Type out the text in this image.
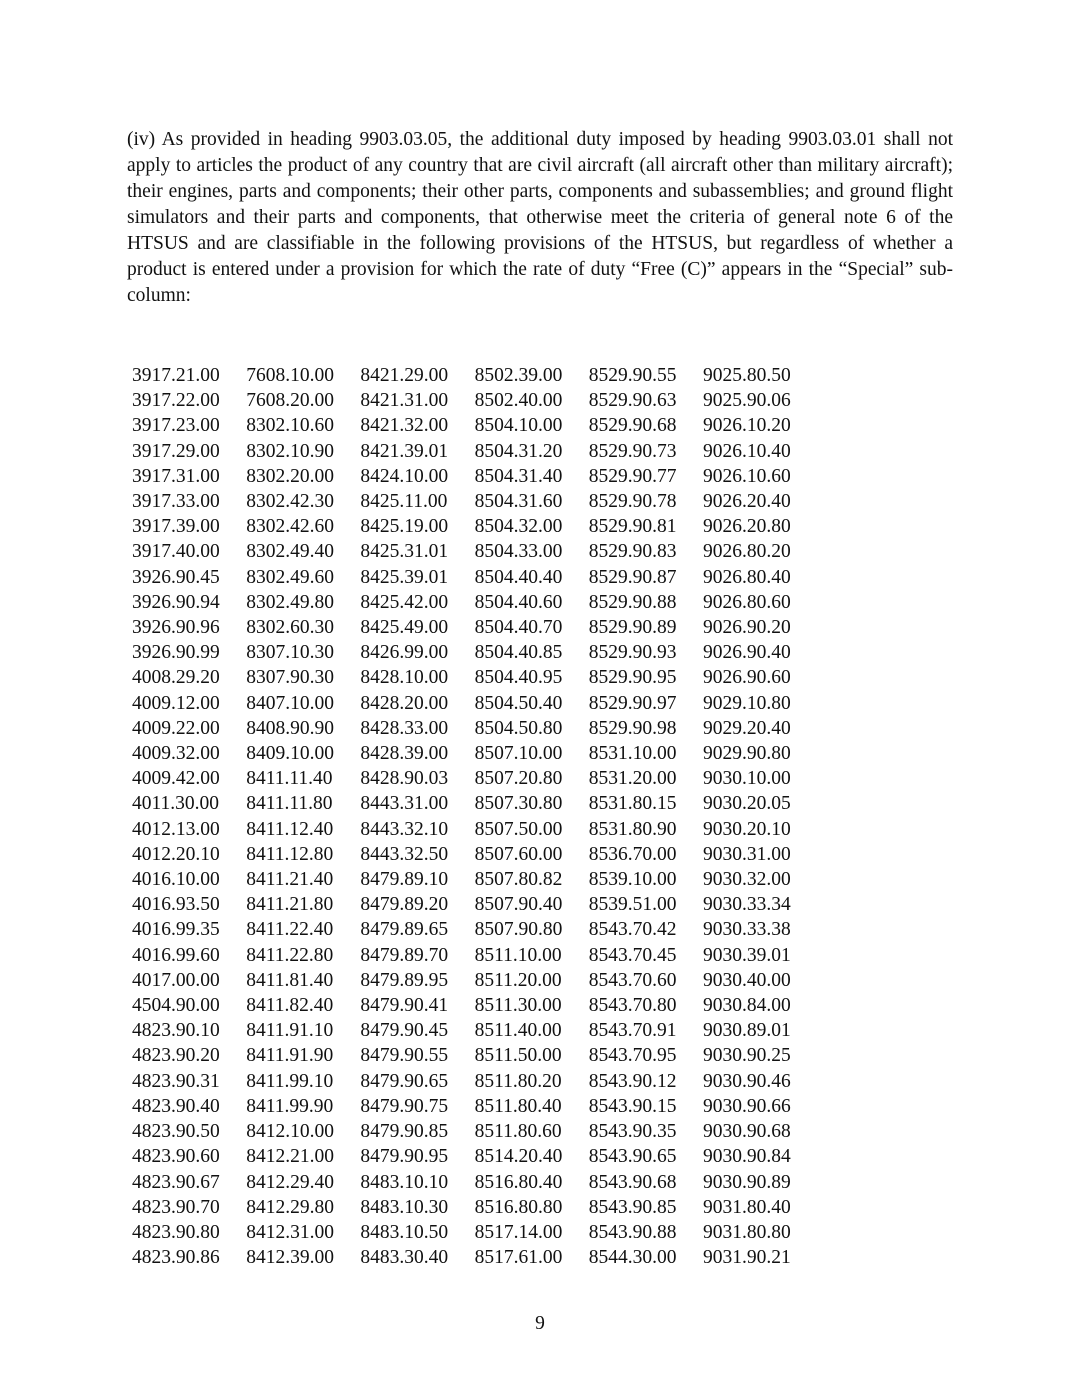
(iv) As provided in heading 9903.03.05, the additional duty imposed by heading 9903.03.01 shall not apply to articles the product of any country that are civil aircraft (all aircraft other than military aircraft); their engines, parts and components; their other parts, components and subassemblies; and ground flight simulators and their parts and components, that otherwise meet the criteria of general note 6 of the HTSUS and are classifiable in the following provisions of the HTSUS, but regardless of whether a product is entered under a provision for which the rate of duty “Free (C)” appears in the “Special” sub-column:

3917.21.00	7608.10.00	8421.29.00	8502.39.00	8529.90.55	9025.80.50
3917.22.00	7608.20.00	8421.31.00	8502.40.00	8529.90.63	9025.90.06
3917.23.00	8302.10.60	8421.32.00	8504.10.00	8529.90.68	9026.10.20
3917.29.00	8302.10.90	8421.39.01	8504.31.20	8529.90.73	9026.10.40
3917.31.00	8302.20.00	8424.10.00	8504.31.40	8529.90.77	9026.10.60
3917.33.00	8302.42.30	8425.11.00	8504.31.60	8529.90.78	9026.20.40
3917.39.00	8302.42.60	8425.19.00	8504.32.00	8529.90.81	9026.20.80
3917.40.00	8302.49.40	8425.31.01	8504.33.00	8529.90.83	9026.80.20
3926.90.45	8302.49.60	8425.39.01	8504.40.40	8529.90.87	9026.80.40
3926.90.94	8302.49.80	8425.42.00	8504.40.60	8529.90.88	9026.80.60
3926.90.96	8302.60.30	8425.49.00	8504.40.70	8529.90.89	9026.90.20
3926.90.99	8307.10.30	8426.99.00	8504.40.85	8529.90.93	9026.90.40
4008.29.20	8307.90.30	8428.10.00	8504.40.95	8529.90.95	9026.90.60
4009.12.00	8407.10.00	8428.20.00	8504.50.40	8529.90.97	9029.10.80
4009.22.00	8408.90.90	8428.33.00	8504.50.80	8529.90.98	9029.20.40
4009.32.00	8409.10.00	8428.39.00	8507.10.00	8531.10.00	9029.90.80
4009.42.00	8411.11.40	8428.90.03	8507.20.80	8531.20.00	9030.10.00
4011.30.00	8411.11.80	8443.31.00	8507.30.80	8531.80.15	9030.20.05
4012.13.00	8411.12.40	8443.32.10	8507.50.00	8531.80.90	9030.20.10
4012.20.10	8411.12.80	8443.32.50	8507.60.00	8536.70.00	9030.31.00
4016.10.00	8411.21.40	8479.89.10	8507.80.82	8539.10.00	9030.32.00
4016.93.50	8411.21.80	8479.89.20	8507.90.40	8539.51.00	9030.33.34
4016.99.35	8411.22.40	8479.89.65	8507.90.80	8543.70.42	9030.33.38
4016.99.60	8411.22.80	8479.89.70	8511.10.00	8543.70.45	9030.39.01
4017.00.00	8411.81.40	8479.89.95	8511.20.00	8543.70.60	9030.40.00
4504.90.00	8411.82.40	8479.90.41	8511.30.00	8543.70.80	9030.84.00
4823.90.10	8411.91.10	8479.90.45	8511.40.00	8543.70.91	9030.89.01
4823.90.20	8411.91.90	8479.90.55	8511.50.00	8543.70.95	9030.90.25
4823.90.31	8411.99.10	8479.90.65	8511.80.20	8543.90.12	9030.90.46
4823.90.40	8411.99.90	8479.90.75	8511.80.40	8543.90.15	9030.90.66
4823.90.50	8412.10.00	8479.90.85	8511.80.60	8543.90.35	9030.90.68
4823.90.60	8412.21.00	8479.90.95	8514.20.40	8543.90.65	9030.90.84
4823.90.67	8412.29.40	8483.10.10	8516.80.40	8543.90.68	9030.90.89
4823.90.70	8412.29.80	8483.10.30	8516.80.80	8543.90.85	9031.80.40
4823.90.80	8412.31.00	8483.10.50	8517.14.00	8543.90.88	9031.80.80
4823.90.86	8412.39.00	8483.30.40	8517.61.00	8544.30.00	9031.90.21
9
